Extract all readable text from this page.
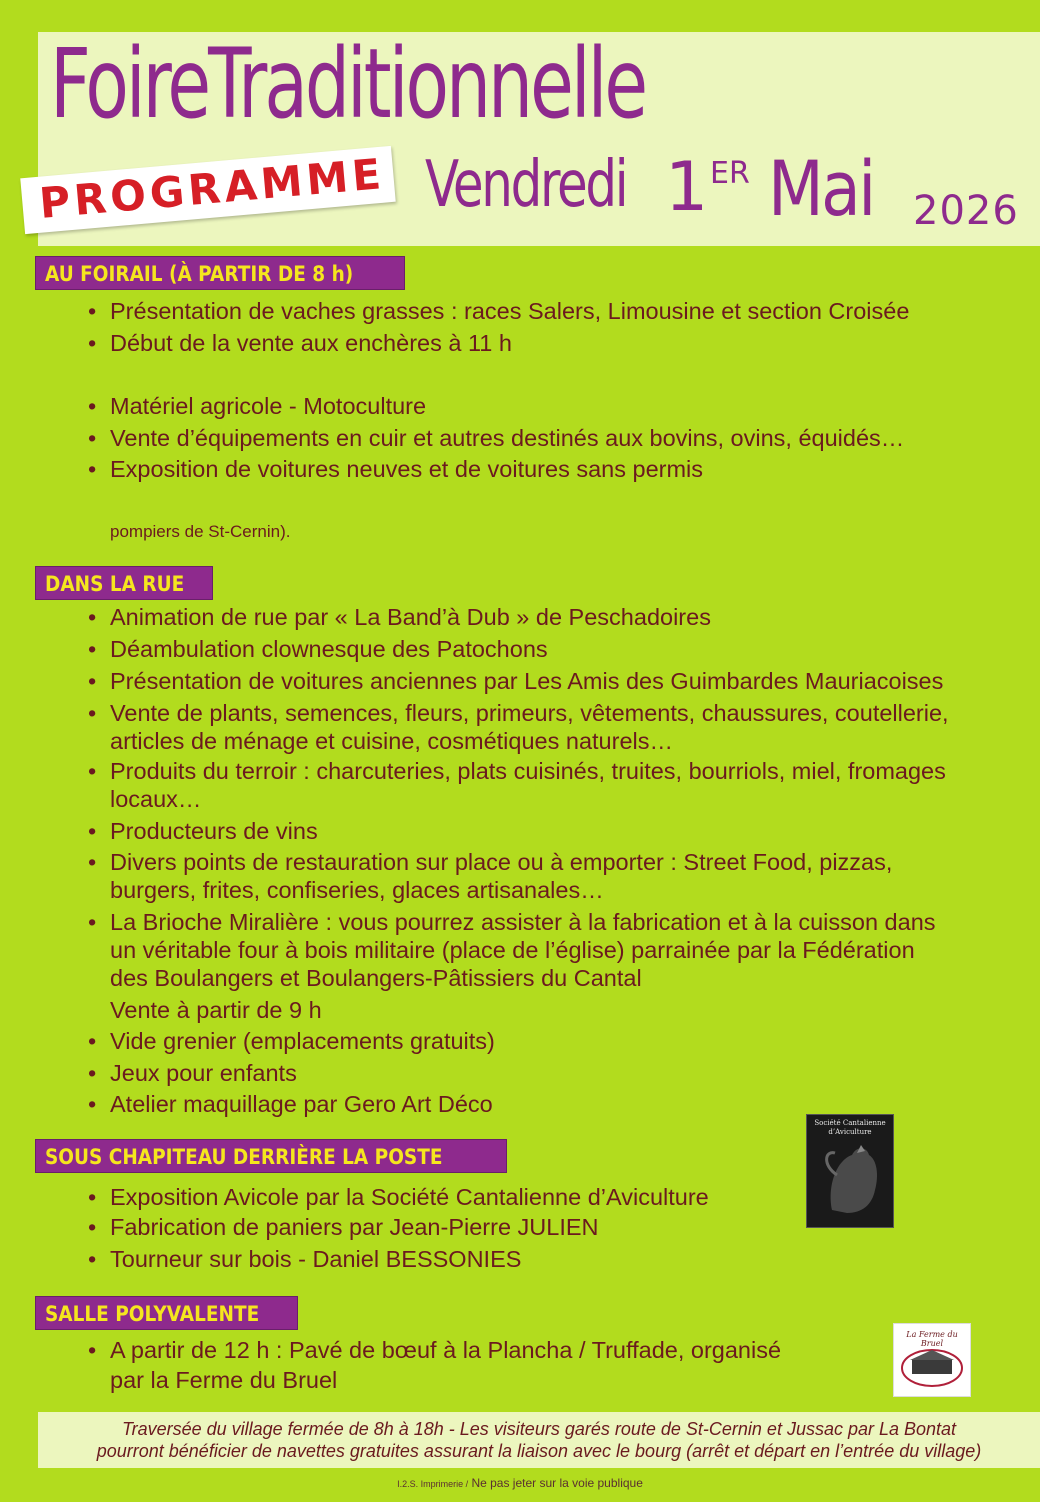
FoireTraditionnelle
PROGRAMME Vendredi 1 ER Mai 2026
AU FOIRAIL (À PARTIR DE 8 h)
• Présentation de vaches grasses : races Salers, Limousine et section Croisée
• Début de la vente aux enchères à 11 h
• Matériel agricole - Motoculture
• Vente d’équipements en cuir et autres destinés aux bovins, ovins, équidés…
• Exposition de voitures neuves et de voitures sans permis
pompiers de St-Cernin).
DANS LA RUE
• Animation de rue par « La Band’à Dub » de Peschadoires
• Déambulation clownesque des Patochons
• Présentation de voitures anciennes par Les Amis des Guimbardes Mauriacoises
• Vente de plants, semences, fleurs, primeurs, vêtements, chaussures, coutellerie,
articles de ménage et cuisine, cosmétiques naturels…
• Produits du terroir : charcuteries, plats cuisinés, truites, bourriols, miel, fromages
locaux…
• Producteurs de vins
• Divers points de restauration sur place ou à emporter : Street Food, pizzas,
burgers, frites, confiseries, glaces artisanales…
• La Brioche Miralière : vous pourrez assister à la fabrication et à la cuisson dans
un véritable four à bois militaire (place de l’église) parrainée par la Fédération
des Boulangers et Boulangers-Pâtissiers du Cantal
Vente à partir de 9 h
• Vide grenier (emplacements gratuits)
• Jeux pour enfants
• Atelier maquillage par Gero Art Déco
SOUS CHAPITEAU DERRIÈRE LA POSTE
• Exposition Avicole par la Société Cantalienne d’Aviculture
• Fabrication de paniers par Jean-Pierre JULIEN
• Tourneur sur bois - Daniel BESSONIES
Société Cantalienne d’Aviculture
SALLE POLYVALENTE
• A partir de 12 h : Pavé de bœuf à la Plancha / Truffade, organisé
par la Ferme du Bruel
La Ferme du Bruel
Traversée du village fermée de 8h à 18h - Les visiteurs garés route de St-Cernin et Jussac par La Bontat
pourront bénéficier de navettes gratuites assurant la liaison avec le bourg (arrêt et départ en l’entrée du village)
I.2.S. Imprimerie / Ne pas jeter sur la voie publique
